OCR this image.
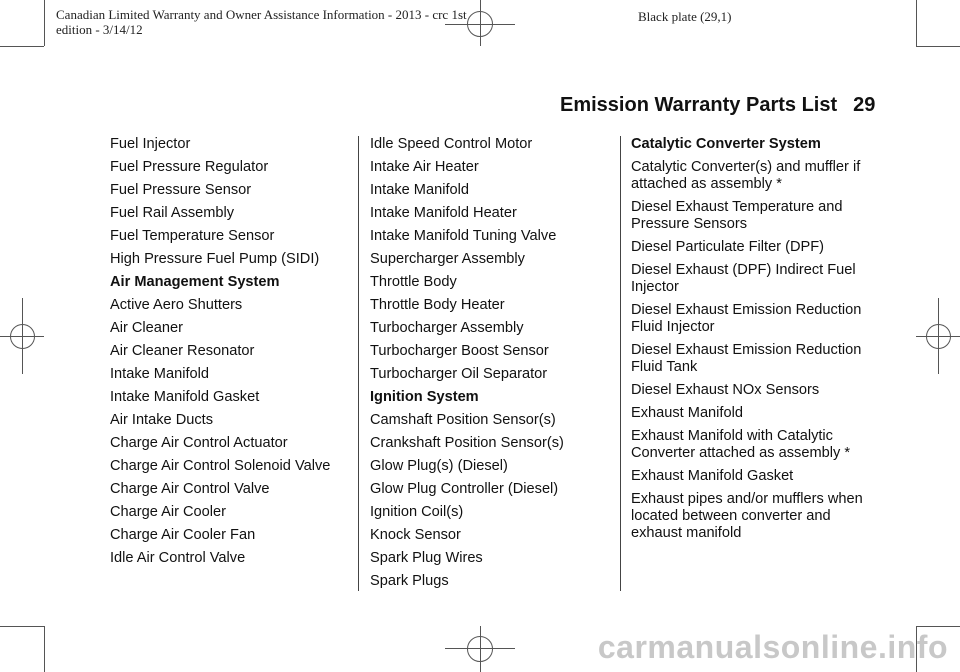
Canadian Limited Warranty and Owner Assistance Information - 2013 - crc 1st
edition - 3/14/12
Black plate (29,1)
Emission Warranty Parts List 29
Fuel Injector
Fuel Pressure Regulator
Fuel Pressure Sensor
Fuel Rail Assembly
Fuel Temperature Sensor
High Pressure Fuel Pump (SIDI)
Air Management System
Active Aero Shutters
Air Cleaner
Air Cleaner Resonator
Intake Manifold
Intake Manifold Gasket
Air Intake Ducts
Charge Air Control Actuator
Charge Air Control Solenoid Valve
Charge Air Control Valve
Charge Air Cooler
Charge Air Cooler Fan
Idle Air Control Valve
Idle Speed Control Motor
Intake Air Heater
Intake Manifold
Intake Manifold Heater
Intake Manifold Tuning Valve
Supercharger Assembly
Throttle Body
Throttle Body Heater
Turbocharger Assembly
Turbocharger Boost Sensor
Turbocharger Oil Separator
Ignition System
Camshaft Position Sensor(s)
Crankshaft Position Sensor(s)
Glow Plug(s) (Diesel)
Glow Plug Controller (Diesel)
Ignition Coil(s)
Knock Sensor
Spark Plug Wires
Spark Plugs
Catalytic Converter System
Catalytic Converter(s) and muffler if attached as assembly *
Diesel Exhaust Temperature and Pressure Sensors
Diesel Particulate Filter (DPF)
Diesel Exhaust (DPF) Indirect Fuel Injector
Diesel Exhaust Emission Reduction Fluid Injector
Diesel Exhaust Emission Reduction Fluid Tank
Diesel Exhaust NOx Sensors
Exhaust Manifold
Exhaust Manifold with Catalytic Converter attached as assembly *
Exhaust Manifold Gasket
Exhaust pipes and/or mufflers when located between converter and exhaust manifold
carmanualsonline.info
